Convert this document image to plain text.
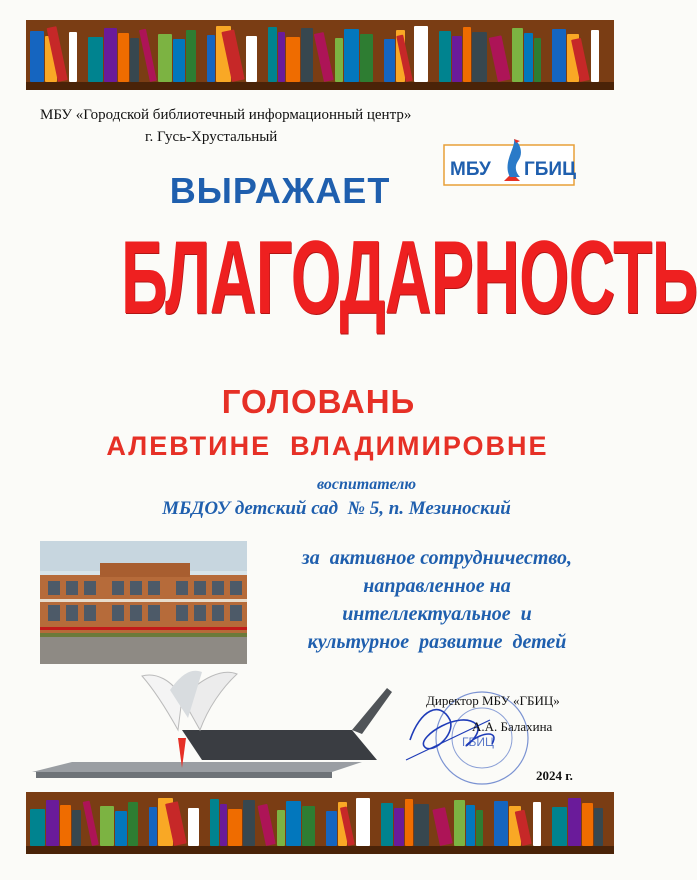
МБУ «Городской библиотечный информационный центр»
г. Гусь-Хрустальный
МБУ ГБИЦ
ВЫРАЖАЕТ
БЛАГОДАРНОСТЬ
ГОЛОВАНЬ
АЛЕВТИНЕ  ВЛАДИМИРОВНЕ
воспитателю
МБДОУ детский сад  № 5, п. Мезиноский
за  активное сотрудничество,
направленное на
интеллектуальное  и
культурное  развитие  детей
ГБИЦ
Директор МБУ «ГБИЦ»
А.А. Балахина
2024 г.
